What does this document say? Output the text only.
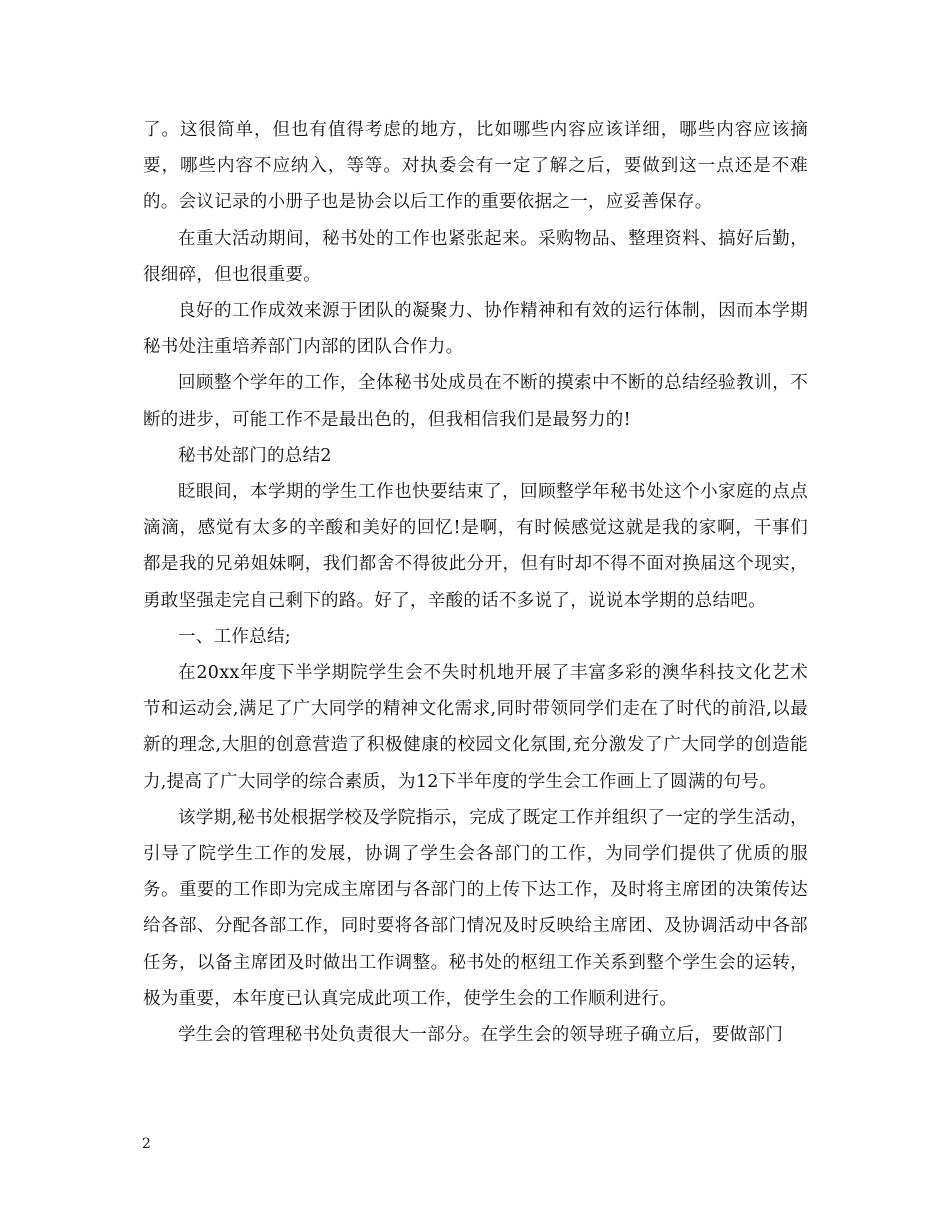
了。这很简单，但也有值得考虑的地方，比如哪些内容应该详细，哪些内容应该摘要，哪些内容不应纳入，等等。对执委会有一定了解之后，要做到这一点还是不难的。会议记录的小册子也是协会以后工作的重要依据之一，应妥善保存。

在重大活动期间，秘书处的工作也紧张起来。采购物品、整理资料、搞好后勤，很细碎，但也很重要。

良好的工作成效来源于团队的凝聚力、协作精神和有效的运行体制，因而本学期秘书处注重培养部门内部的团队合作力。

回顾整个学年的工作，全体秘书处成员在不断的摸索中不断的总结经验教训，不断的进步，可能工作不是最出色的，但我相信我们是最努力的!

秘书处部门的总结2

眨眼间，本学期的学生工作也快要结束了，回顾整学年秘书处这个小家庭的点点滴滴，感觉有太多的辛酸和美好的回忆!是啊，有时候感觉这就是我的家啊，干事们都是我的兄弟姐妹啊，我们都舍不得彼此分开，但有时却不得不面对换届这个现实，勇敢坚强走完自己剩下的路。好了，辛酸的话不多说了，说说本学期的总结吧。

一、工作总结;

在20xx年度下半学期院学生会不失时机地开展了丰富多彩的澳华科技文化艺术节和运动会,满足了广大同学的精神文化需求,同时带领同学们走在了时代的前沿,以最新的理念,大胆的创意营造了积极健康的校园文化氛围,充分激发了广大同学的创造能力,提高了广大同学的综合素质，为12下半年度的学生会工作画上了圆满的句号。

该学期,秘书处根据学校及学院指示，完成了既定工作并组织了一定的学生活动，引导了院学生工作的发展，协调了学生会各部门的工作，为同学们提供了优质的服务。重要的工作即为完成主席团与各部门的上传下达工作，及时将主席团的决策传达给各部、分配各部工作，同时要将各部门情况及时反映给主席团、及协调活动中各部任务，以备主席团及时做出工作调整。秘书处的枢纽工作关系到整个学生会的运转，极为重要，本年度已认真完成此项工作，使学生会的工作顺利进行。

学生会的管理秘书处负责很大一部分。在学生会的领导班子确立后，要做部门

2
